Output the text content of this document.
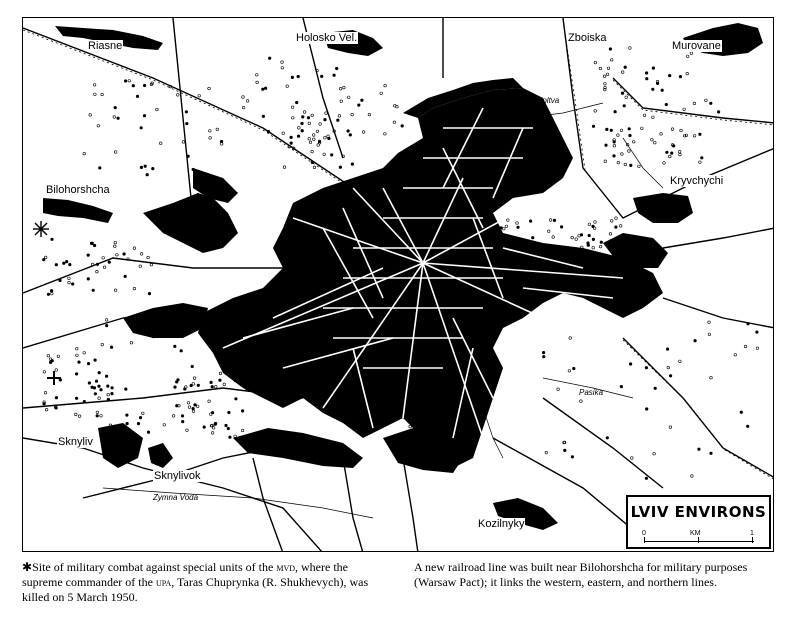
Riasne
Holosko Vel.	Zboiska
Murovane
Bilohorshcha
Kryvchychi
Sknyliv
Sknylivok
Kozilnyky
Poltva
Zymna Voda
Pasika
Poltva
LVIV ENVIRONS
0	KM	1
✱Site of military combat against special units of the mvd, where the supreme commander of the upa, Taras Chuprynka (R. Shukhevych), was killed on 5 March 1950.
A new railroad line was built near Bilohorshcha for military purposes (Warsaw Pact); it links the western, eastern, and northern lines.
